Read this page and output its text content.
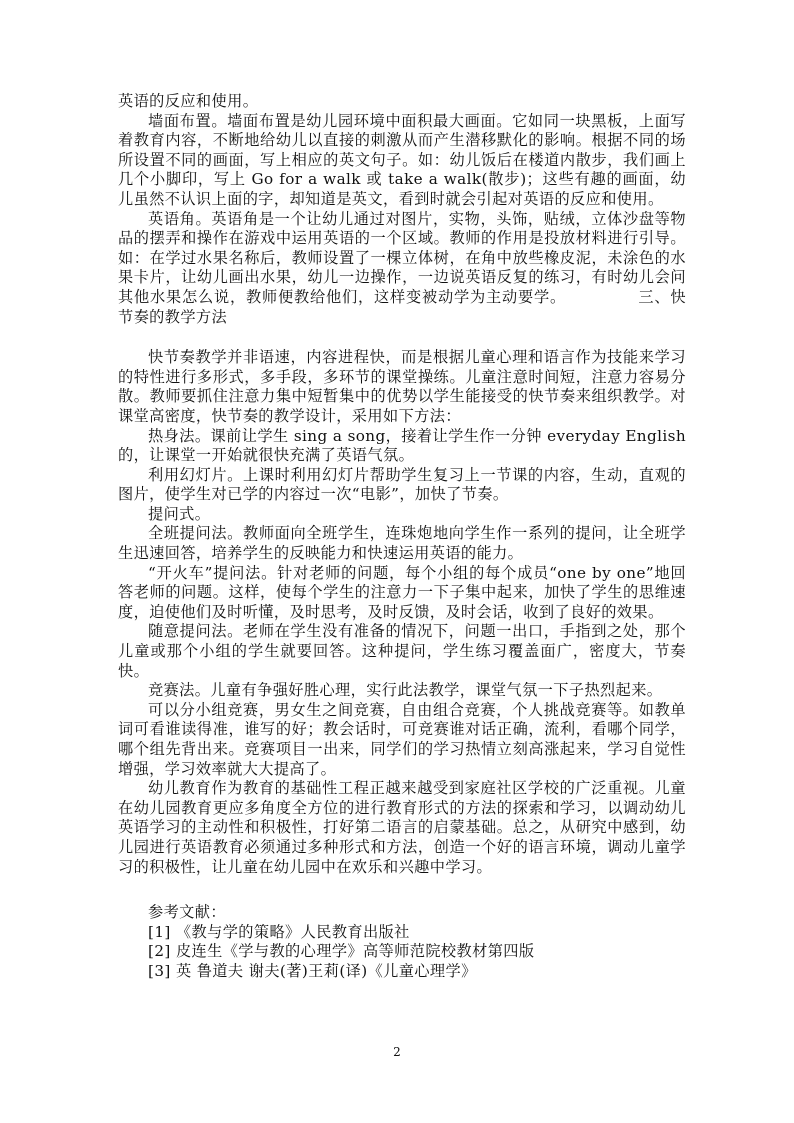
英语的反应和使用。

墙面布置。墙面布置是幼儿园环境中面积最大画面。它如同一块黑板，上面写着教育内容，不断地给幼儿以直接的刺激从而产生潜移默化的影响。根据不同的场所设置不同的画面，写上相应的英文句子。如：幼儿饭后在楼道内散步，我们画上几个小脚印，写上 Go for a walk 或 take a walk(散步)；这些有趣的画面，幼儿虽然不认识上面的字，却知道是英文，看到时就会引起对英语的反应和使用。

英语角。英语角是一个让幼儿通过对图片，实物，头饰，贴绒，立体沙盘等物品的摆弄和操作在游戏中运用英语的一个区域。教师的作用是投放材料进行引导。如：在学过水果名称后，教师设置了一棵立体树，在角中放些橡皮泥，未涂色的水果卡片，让幼儿画出水果，幼儿一边操作，一边说英语反复的练习，有时幼儿会问其他水果怎么说，教师便教给他们，这样变被动学为主动要学。　　　　　三、快节奏的教学方法

快节奏教学并非语速，内容进程快，而是根据儿童心理和语言作为技能来学习的特性进行多形式，多手段，多环节的课堂操练。儿童注意时间短，注意力容易分散。教师要抓住注意力集中短暂集中的优势以学生能接受的快节奏来组织教学。对课堂高密度，快节奏的教学设计，采用如下方法：

热身法。课前让学生 sing a song，接着让学生作一分钟 everyday English 的，让课堂一开始就很快充满了英语气氛。

利用幻灯片。上课时利用幻灯片帮助学生复习上一节课的内容，生动，直观的图片，使学生对已学的内容过一次“电影”，加快了节奏。

提问式。

全班提问法。教师面向全班学生，连珠炮地向学生作一系列的提问，让全班学生迅速回答，培养学生的反映能力和快速运用英语的能力。

“开火车”提问法。针对老师的问题，每个小组的每个成员“one by one”地回答老师的问题。这样，使每个学生的注意力一下子集中起来，加快了学生的思维速度，迫使他们及时听懂，及时思考，及时反馈，及时会话，收到了良好的效果。

随意提问法。老师在学生没有准备的情况下，问题一出口，手指到之处，那个儿童或那个小组的学生就要回答。这种提问，学生练习覆盖面广，密度大，节奏快。

竞赛法。儿童有争强好胜心理，实行此法教学，课堂气氛一下子热烈起来。

可以分小组竞赛，男女生之间竞赛，自由组合竞赛，个人挑战竞赛等。如教单词可看谁读得准，谁写的好；教会话时，可竞赛谁对话正确，流利，看哪个同学，哪个组先背出来。竞赛项目一出来，同学们的学习热情立刻高涨起来，学习自觉性增强，学习效率就大大提高了。

幼儿教育作为教育的基础性工程正越来越受到家庭社区学校的广泛重视。儿童在幼儿园教育更应多角度全方位的进行教育形式的方法的探索和学习，以调动幼儿英语学习的主动性和积极性，打好第二语言的启蒙基础。总之，从研究中感到，幼儿园进行英语教育必须通过多种形式和方法，创造一个好的语言环境，调动儿童学习的积极性，让儿童在幼儿园中在欢乐和兴趣中学习。

参考文献：

[1] 《教与学的策略》人民教育出版社

[2] 皮连生《学与教的心理学》高等师范院校教材第四版

[3] 英 鲁道夫 谢夫(著)王莉(译)《儿童心理学》

2
